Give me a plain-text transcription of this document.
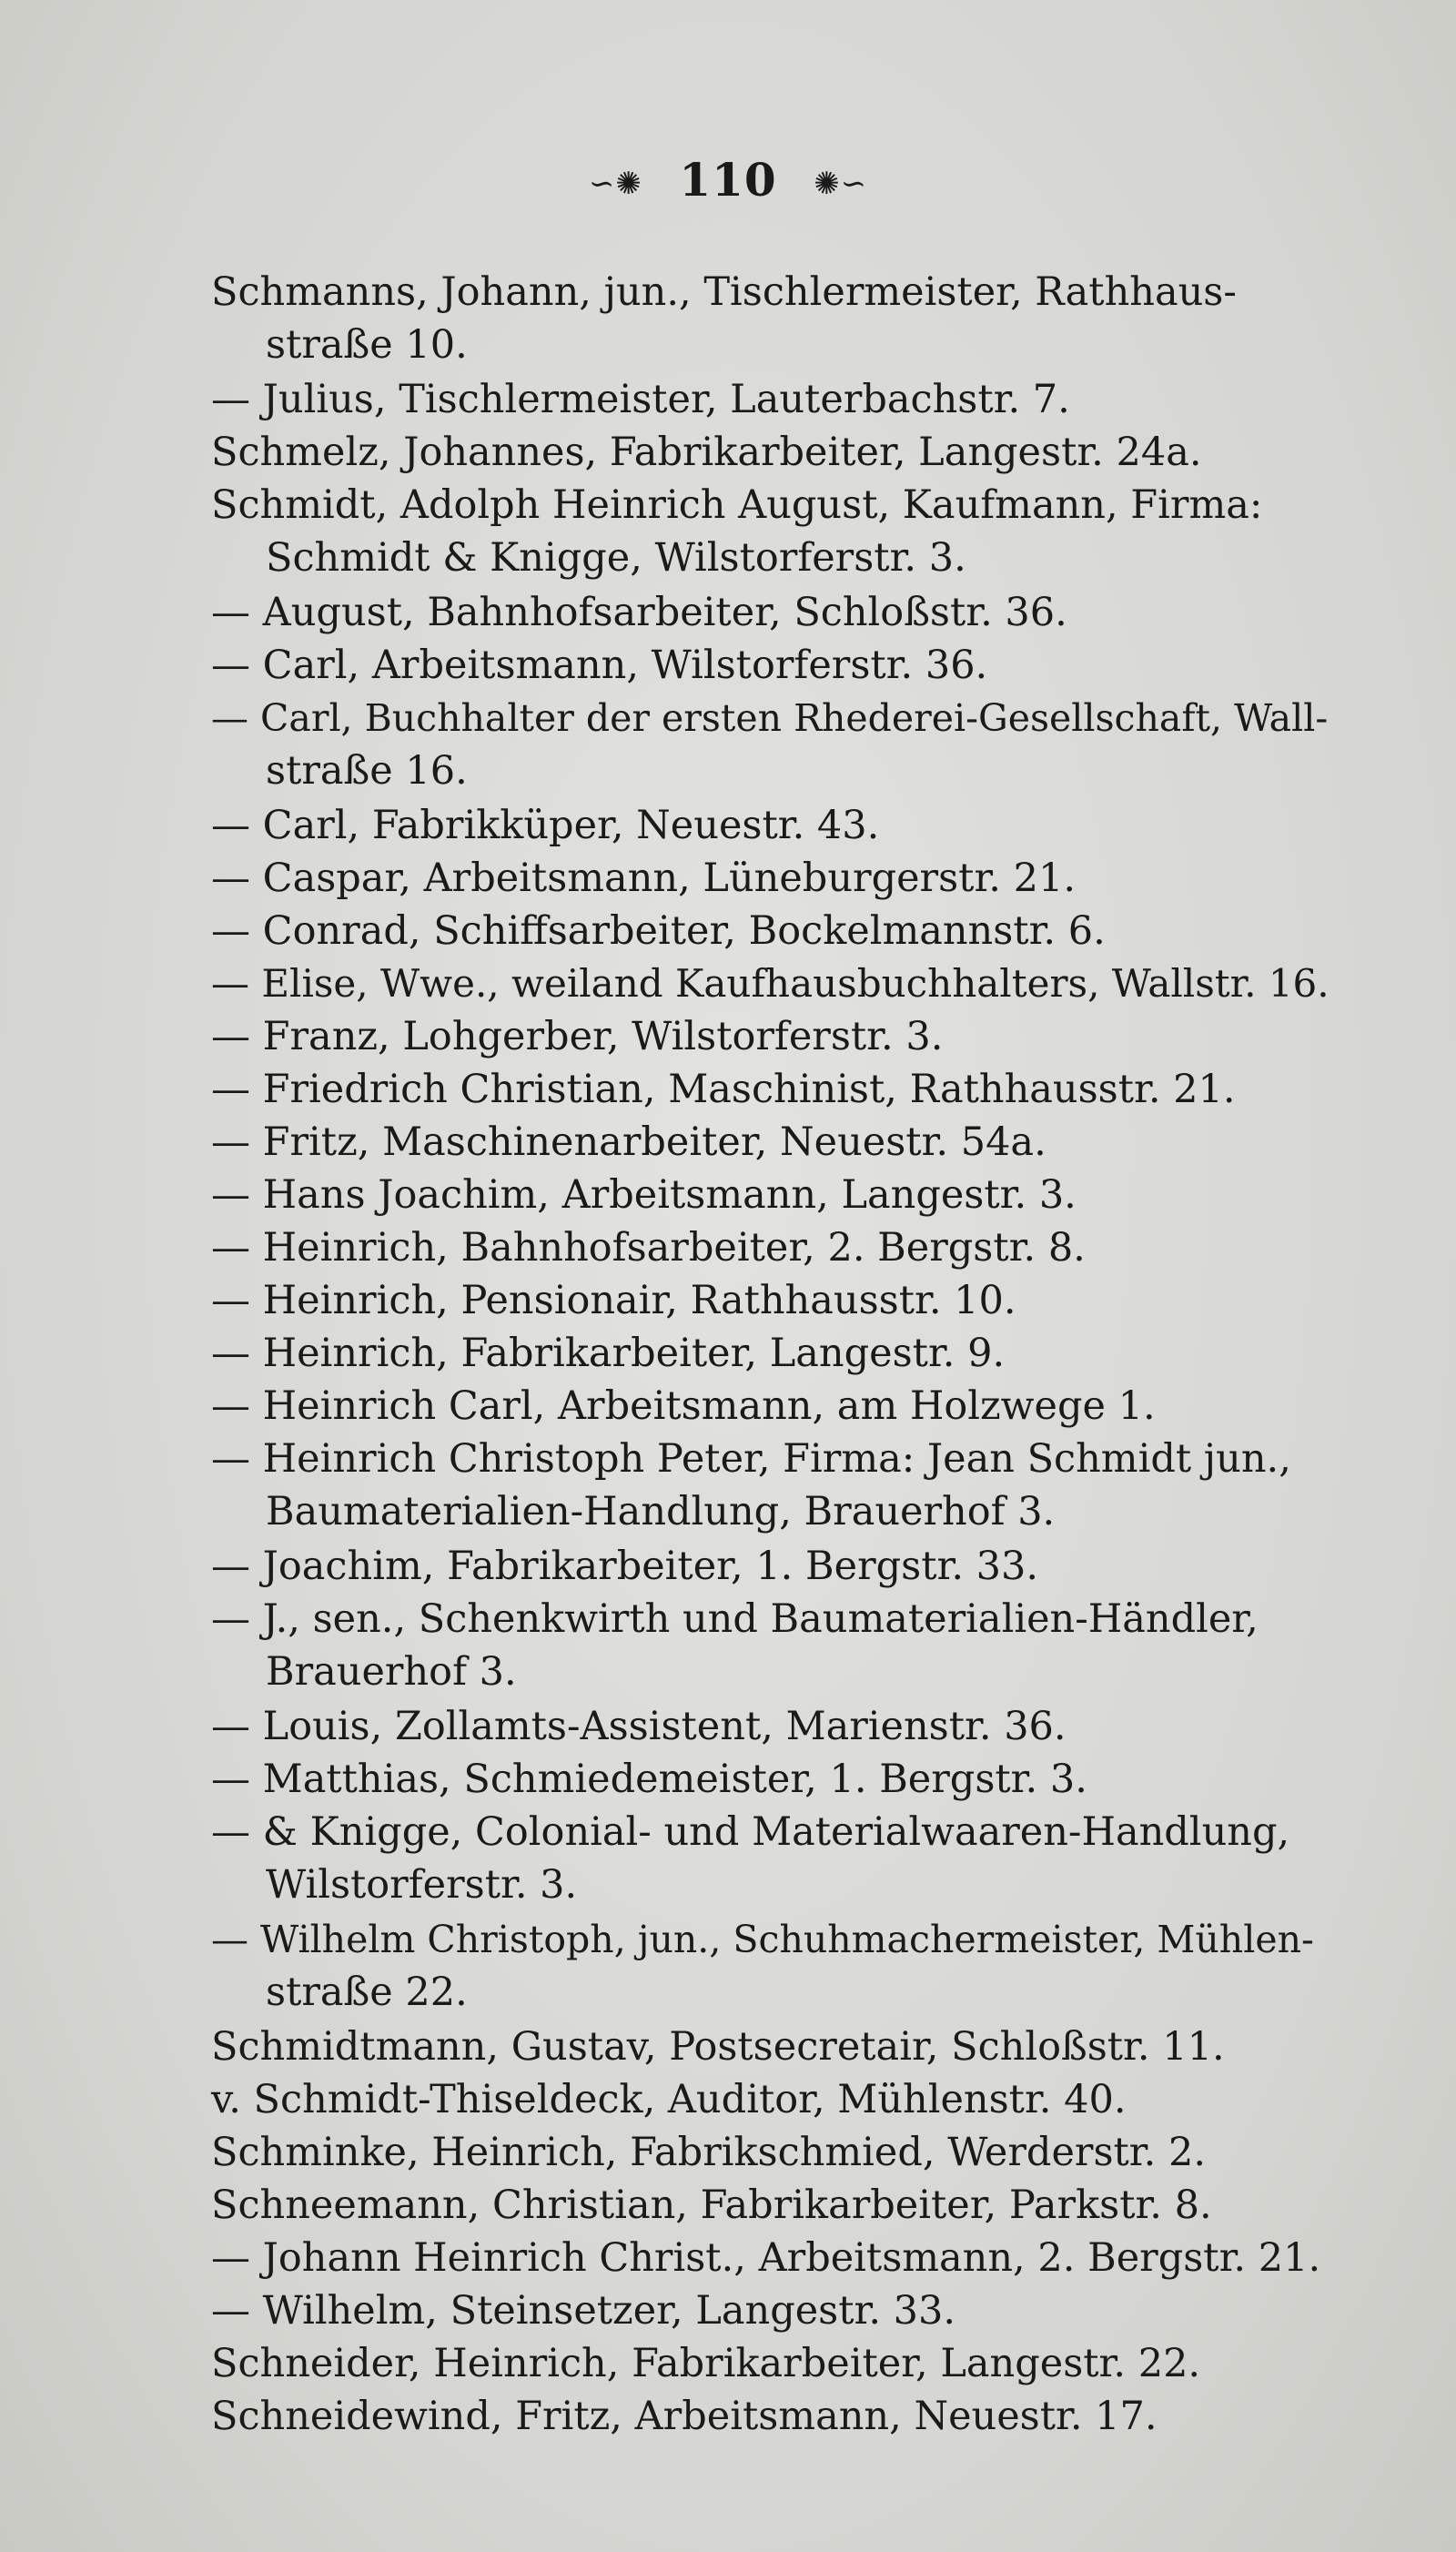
∽✺ 110 ✺∽
Schmanns, Johann, jun., Tischlermeister, Rathhaus-
straße 10.
— Julius, Tischlermeister, Lauterbachstr. 7.
Schmelz, Johannes, Fabrikarbeiter, Langestr. 24a.
Schmidt, Adolph Heinrich August, Kaufmann, Firma:
Schmidt & Knigge, Wilstorferstr. 3.
— August, Bahnhofsarbeiter, Schloßstr. 36.
— Carl, Arbeitsmann, Wilstorferstr. 36.
— Carl, Buchhalter der ersten Rhederei-Gesellschaft, Wall-
straße 16.
— Carl, Fabrikküper, Neuestr. 43.
— Caspar, Arbeitsmann, Lüneburgerstr. 21.
— Conrad, Schiffsarbeiter, Bockelmannstr. 6.
— Elise, Wwe., weiland Kaufhausbuchhalters, Wallstr. 16.
— Franz, Lohgerber, Wilstorferstr. 3.
— Friedrich Christian, Maschinist, Rathhausstr. 21.
— Fritz, Maschinenarbeiter, Neuestr. 54a.
— Hans Joachim, Arbeitsmann, Langestr. 3.
— Heinrich, Bahnhofsarbeiter, 2. Bergstr. 8.
— Heinrich, Pensionair, Rathhausstr. 10.
— Heinrich, Fabrikarbeiter, Langestr. 9.
— Heinrich Carl, Arbeitsmann, am Holzwege 1.
— Heinrich Christoph Peter, Firma: Jean Schmidt jun.,
Baumaterialien-Handlung, Brauerhof 3.
— Joachim, Fabrikarbeiter, 1. Bergstr. 33.
— J., sen., Schenkwirth und Baumaterialien-Händler,
Brauerhof 3.
— Louis, Zollamts-Assistent, Marienstr. 36.
— Matthias, Schmiedemeister, 1. Bergstr. 3.
— & Knigge, Colonial- und Materialwaaren-Handlung,
Wilstorferstr. 3.
— Wilhelm Christoph, jun., Schuhmachermeister, Mühlen-
straße 22.
Schmidtmann, Gustav, Postsecretair, Schloßstr. 11.
v. Schmidt-Thiseldeck, Auditor, Mühlenstr. 40.
Schminke, Heinrich, Fabrikschmied, Werderstr. 2.
Schneemann, Christian, Fabrikarbeiter, Parkstr. 8.
— Johann Heinrich Christ., Arbeitsmann, 2. Bergstr. 21.
— Wilhelm, Steinsetzer, Langestr. 33.
Schneider, Heinrich, Fabrikarbeiter, Langestr. 22.
Schneidewind, Fritz, Arbeitsmann, Neuestr. 17.
